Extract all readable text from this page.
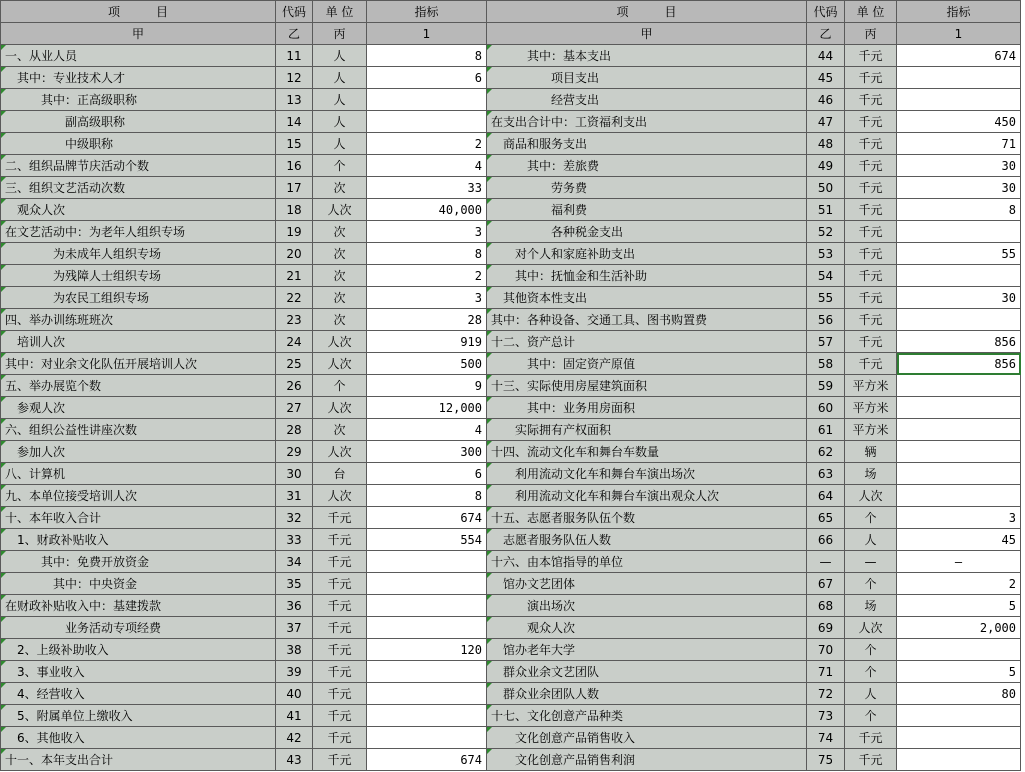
项　　　目	代码	单 位	指标	项　　　目	代码	单 位	指标
甲	乙	丙	1	甲	乙	丙	1
一、从业人员	11	人	8	其中：基本支出	44	千元	674
其中：专业技术人才	12	人	6	项目支出	45	千元	
其中：正高级职称	13	人		经营支出	46	千元	
副高级职称	14	人		在支出合计中：工资福利支出	47	千元	450
中级职称	15	人	2	商品和服务支出	48	千元	71
二、组织品牌节庆活动个数	16	个	4	其中：差旅费	49	千元	30
三、组织文艺活动次数	17	次	33	劳务费	50	千元	30
观众人次	18	人次	40,000	福利费	51	千元	8
在文艺活动中：为老年人组织专场	19	次	3	各种税金支出	52	千元	
为未成年人组织专场	20	次	8	对个人和家庭补助支出	53	千元	55
为残障人士组织专场	21	次	2	其中：抚恤金和生活补助	54	千元	
为农民工组织专场	22	次	3	其他资本性支出	55	千元	30
四、举办训练班班次	23	次	28	其中：各种设备、交通工具、图书购置费	56	千元	
培训人次	24	人次	919	十二、资产总计	57	千元	856
其中：对业余文化队伍开展培训人次	25	人次	500	其中：固定资产原值	58	千元	856
五、举办展览个数	26	个	9	十三、实际使用房屋建筑面积	59	平方米	
参观人次	27	人次	12,000	其中：业务用房面积	60	平方米	
六、组织公益性讲座次数	28	次	4	实际拥有产权面积	61	平方米	
参加人次	29	人次	300	十四、流动文化车和舞台车数量	62	辆	
八、计算机	30	台	6	利用流动文化车和舞台车演出场次	63	场	
九、本单位接受培训人次	31	人次	8	利用流动文化车和舞台车演出观众人次	64	人次	
十、本年收入合计	32	千元	674	十五、志愿者服务队伍个数	65	个	3
1、财政补贴收入	33	千元	554	志愿者服务队伍人数	66	人	45
其中：免费开放资金	34	千元		十六、由本馆指导的单位	—	—	—
其中：中央资金	35	千元		馆办文艺团体	67	个	2
在财政补贴收入中：基建拨款	36	千元		演出场次	68	场	5
业务活动专项经费	37	千元		观众人次	69	人次	2,000
2、上级补助收入	38	千元	120	馆办老年大学	70	个	
3、事业收入	39	千元		群众业余文艺团队	71	个	5
4、经营收入	40	千元		群众业余团队人数	72	人	80
5、附属单位上缴收入	41	千元		十七、文化创意产品种类	73	个	
6、其他收入	42	千元		文化创意产品销售收入	74	千元	
十一、本年支出合计	43	千元	674	文化创意产品销售利润	75	千元	
